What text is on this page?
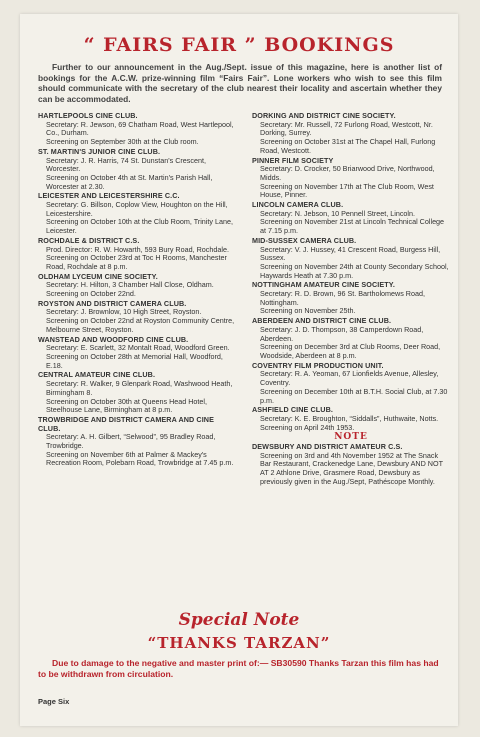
“ FAIRS FAIR ” BOOKINGS
Further to our announcement in the Aug./Sept. issue of this magazine, here is another list of bookings for the A.C.W. prize-winning film “Fairs Fair”. Lone workers who wish to see this film should communicate with the secretary of the club nearest their locality and ascertain whether they can be accommodated.
HARTLEPOOLS CINE CLUB.
Secretary: R. Jewson, 69 Chatham Road, West Hartlepool, Co., Durham.
Screening on September 30th at the Club room.
ST. MARTIN'S JUNIOR CINE CLUB.
Secretary: J. R. Harris, 74 St. Dunstan's Crescent, Worcester.
Screening on October 4th at St. Martin's Parish Hall, Worcester at 2.30.
LEICESTER AND LEICESTERSHIRE C.C.
Secretary: G. Billson, Coplow View, Houghton on the Hill, Leicestershire.
Screening on October 10th at the Club Room, Trinity Lane, Leicester.
ROCHDALE & DISTRICT C.S.
Prod. Director: R. W. Howarth, 593 Bury Road, Rochdale.
Screening on October 23rd at Toc H Rooms, Manchester Road, Rochdale at 8 p.m.
OLDHAM LYCEUM CINE SOCIETY.
Secretary: H. Hilton, 3 Chamber Hall Close, Oldham.
Screening on October 22nd.
ROYSTON AND DISTRICT CAMERA CLUB.
Secretary: J. Brownlow, 10 High Street, Royston.
Screening on October 22nd at Royston Community Centre, Melbourne Street, Royston.
WANSTEAD AND WOODFORD CINE CLUB.
Secretary: E. Scarlett, 32 Montalt Road, Woodford Green.
Screening on October 28th at Memorial Hall, Woodford, E.18.
CENTRAL AMATEUR CINE CLUB.
Secretary: R. Walker, 9 Glenpark Road, Washwood Heath, Birmingham 8.
Screening on October 30th at Queens Head Hotel, Steelhouse Lane, Birmingham at 8 p.m.
TROWBRIDGE AND DISTRICT CAMERA AND CINE CLUB.
Secretary: A. H. Gilbert, “Selwood”, 95 Bradley Road, Trowbridge.
Screening on November 6th at Palmer & Mackey's Recreation Room, Polebarn Road, Trowbridge at 7.45 p.m.
DORKING AND DISTRICT CINE SOCIETY.
Secretary: Mr. Russell, 72 Furlong Road, Westcott, Nr. Dorking, Surrey.
Screening on October 31st at The Chapel Hall, Furlong Road, Westcott.
PINNER FILM SOCIETY
Secretary: D. Crocker, 50 Briarwood Drive, Northwood, Midds.
Screening on November 17th at The Club Room, West House, Pinner.
LINCOLN CAMERA CLUB.
Secretary: N. Jebson, 10 Pennell Street, Lincoln.
Screening on November 21st at Lincoln Technical College at 7.15 p.m.
MID-SUSSEX CAMERA CLUB.
Secretary: V. J. Hussey, 41 Crescent Road, Burgess Hill, Sussex.
Screening on November 24th at County Secondary School, Haywards Heath at 7.30 p.m.
NOTTINGHAM AMATEUR CINE SOCIETY.
Secretary: R. D. Brown, 96 St. Bartholomews Road, Nottingham.
Screening on November 25th.
ABERDEEN AND DISTRICT CINE CLUB.
Secretary: J. D. Thompson, 38 Camperdown Road, Aberdeen.
Screening on December 3rd at Club Rooms, Deer Road, Woodside, Aberdeen at 8 p.m.
COVENTRY FILM PRODUCTION UNIT.
Secretary: R. A. Yeoman, 67 Lionfields Avenue, Allesley, Coventry.
Screening on December 10th at B.T.H. Social Club, at 7.30 p.m.
ASHFIELD CINE CLUB.
Secretary: K. E. Broughton, “Siddalls”, Huthwaite, Notts.
Screening on April 24th 1953.
NOTE
DEWSBURY AND DISTRICT AMATEUR C.S.
Screening on 3rd and 4th November 1952 at The Snack Bar Restaurant, Crackenedge Lane, Dewsbury AND NOT AT 2 Athlone Drive, Grasmere Road, Dewsbury as previously given in the Aug./Sept, Pathéscope Monthly.
Special Note
“THANKS TARZAN”
Due to damage to the negative and master print of:— SB30590 Thanks Tarzan this film has had to be withdrawn from circulation.
Page Six
